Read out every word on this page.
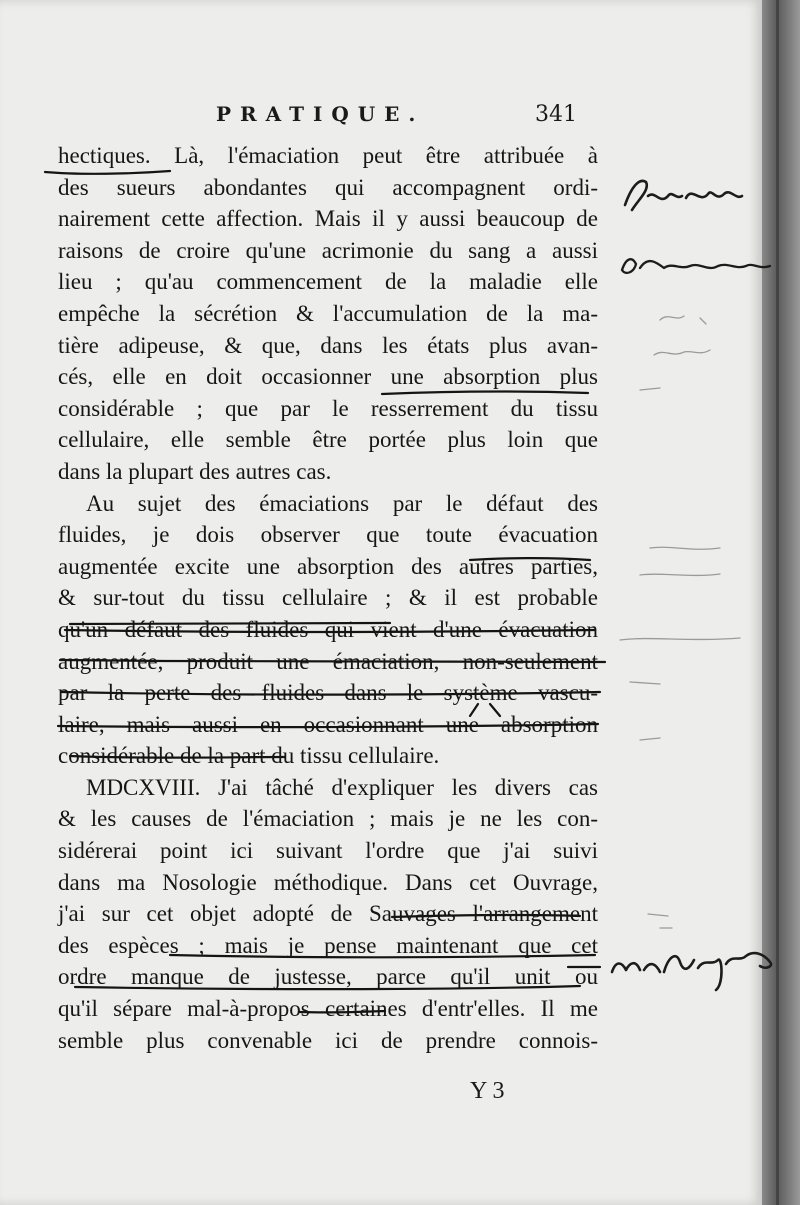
PRATIQUE.	341

hectiques. Là, l'émaciation peut être attribuée à
des sueurs abondantes qui accompagnent ordi-
nairement cette affection. Mais il y aussi beaucoup de
raisons de croire qu'une acrimonie du sang a aussi
lieu ; qu'au commencement de la maladie elle
empêche la sécrétion & l'accumulation de la ma-
tière adipeuse, & que, dans les états plus avan-
cés, elle en doit occasionner une absorption plus
considérable ; que par le resserrement du tissu
cellulaire, elle semble être portée plus loin que
dans la plupart des autres cas.

Au sujet des émaciations par le défaut des
fluides, je dois observer que toute évacuation
augmentée excite une absorption des autres parties,
& sur-tout du tissu cellulaire ; & il est probable
qu'un défaut des fluides qui vient d'une évacuation
augmentée, produit une émaciation, non-seulement
par la perte des fluides dans le système vascu-
laire, mais aussi en occasionnant une absorption
considérable de la part du tissu cellulaire.

MDCXVIII. J'ai tâché d'expliquer les divers cas
& les causes de l'émaciation ; mais je ne les con-
sidérerai point ici suivant l'ordre que j'ai suivi
dans ma Nosologie méthodique. Dans cet Ouvrage,
j'ai sur cet objet adopté de Sauvages l'arrangement
des espèces ; mais je pense maintenant que cet
ordre manque de justesse, parce qu'il unit ou
qu'il sépare mal-à-propos certaines d'entr'elles. Il me
semble plus convenable ici de prendre connois-

Y 3
